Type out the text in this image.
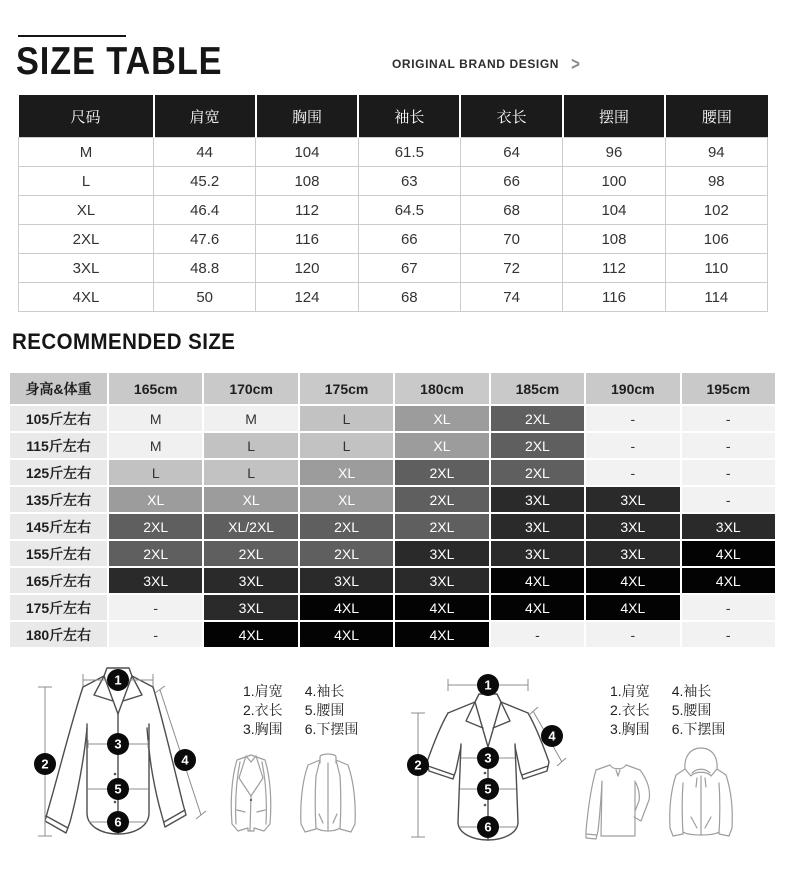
SIZE TABLE	ORIGINAL BRAND DESIGN >
尺码	肩宽	胸围	袖长	衣长	摆围	腰围
M	44	104	61.5	64	96	94
L	45.2	108	63	66	100	98
XL	46.4	112	64.5	68	104	102
2XL	47.6	116	66	70	108	106
3XL	48.8	120	67	72	112	110
4XL	50	124	68	74	116	114
RECOMMENDED SIZE
身高&体重	165cm	170cm	175cm	180cm	185cm	190cm	195cm
105斤左右	M	M	L	XL	2XL	-	-
115斤左右	M	L	L	XL	2XL	-	-
125斤左右	L	L	XL	2XL	2XL	-	-
135斤左右	XL	XL	XL	2XL	3XL	3XL	-
145斤左右	2XL	XL/2XL	2XL	2XL	3XL	3XL	3XL
155斤左右	2XL	2XL	2XL	3XL	3XL	3XL	4XL
165斤左右	3XL	3XL	3XL	3XL	4XL	4XL	4XL
175斤左右	-	3XL	4XL	4XL	4XL	4XL	-
180斤左右	-	4XL	4XL	4XL	-	-	-
1
2
3
4
5
6
1.肩宽
2.衣长
3.胸围
4.袖长
5.腰围
6.下摆围
1
2	3
4
5
6
1.肩宽
2.衣长
3.胸围
4.袖长
5.腰围
6.下摆围
